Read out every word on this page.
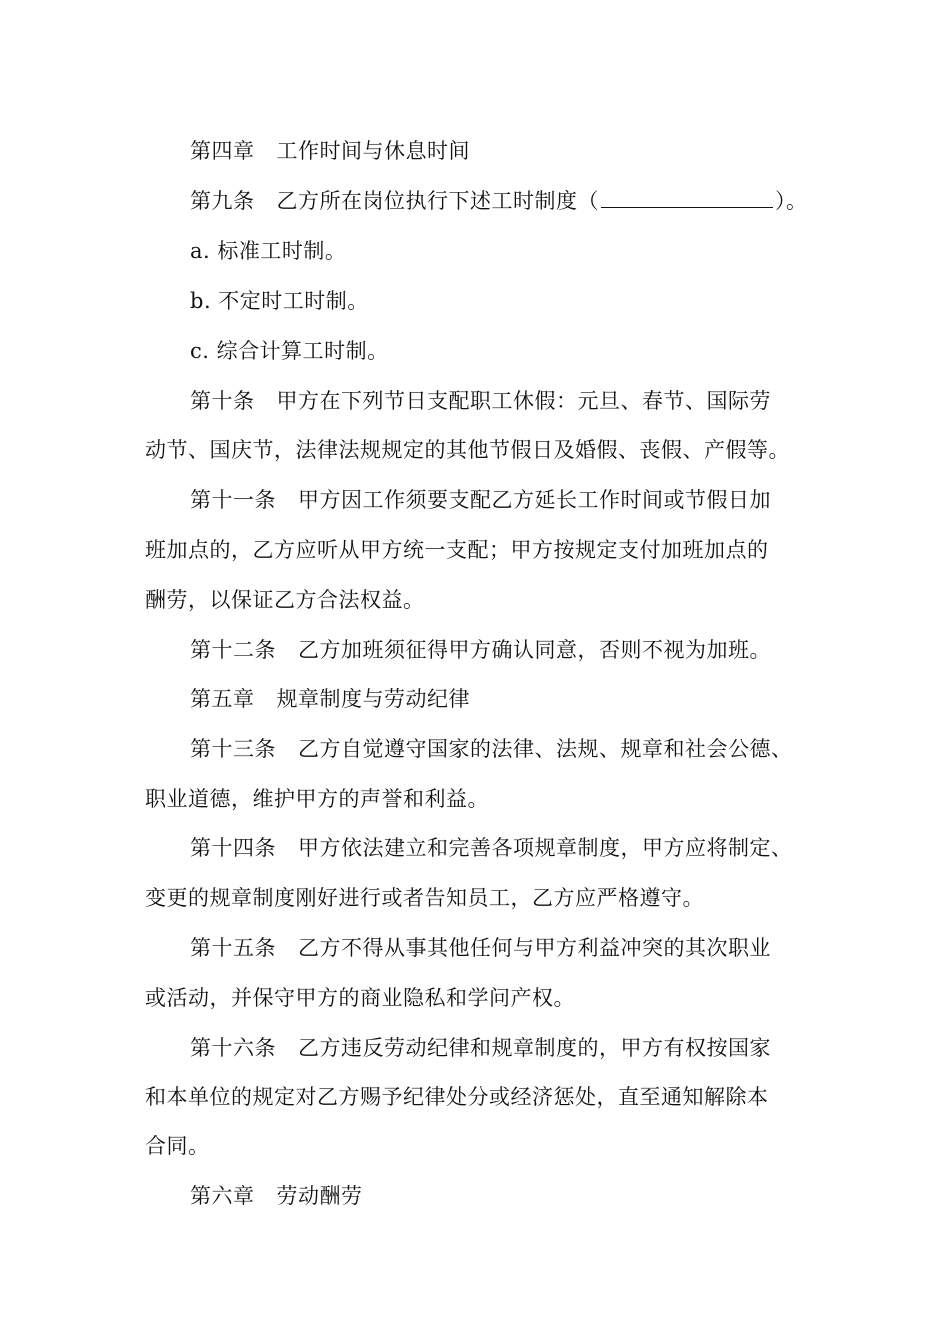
第四章 工作时间与休息时间
第九条 乙方所在岗位执行下述工时制度（	）。
a. 标准工时制。
b. 不定时工时制。
c. 综合计算工时制。
第十条 甲方在下列节日支配职工休假：元旦、春节、国际劳
动节、国庆节，法律法规规定的其他节假日及婚假、丧假、产假等。
第十一条 甲方因工作须要支配乙方延长工作时间或节假日加
班加点的，乙方应听从甲方统一支配；甲方按规定支付加班加点的
酬劳，以保证乙方合法权益。
第十二条 乙方加班须征得甲方确认同意，否则不视为加班。
第五章 规章制度与劳动纪律
第十三条 乙方自觉遵守国家的法律、法规、规章和社会公德、
职业道德，维护甲方的声誉和利益。
第十四条 甲方依法建立和完善各项规章制度，甲方应将制定、
变更的规章制度刚好进行或者告知员工，乙方应严格遵守。
第十五条 乙方不得从事其他任何与甲方利益冲突的其次职业
或活动，并保守甲方的商业隐私和学问产权。
第十六条 乙方违反劳动纪律和规章制度的，甲方有权按国家
和本单位的规定对乙方赐予纪律处分或经济惩处，直至通知解除本
合同。
第六章 劳动酬劳
